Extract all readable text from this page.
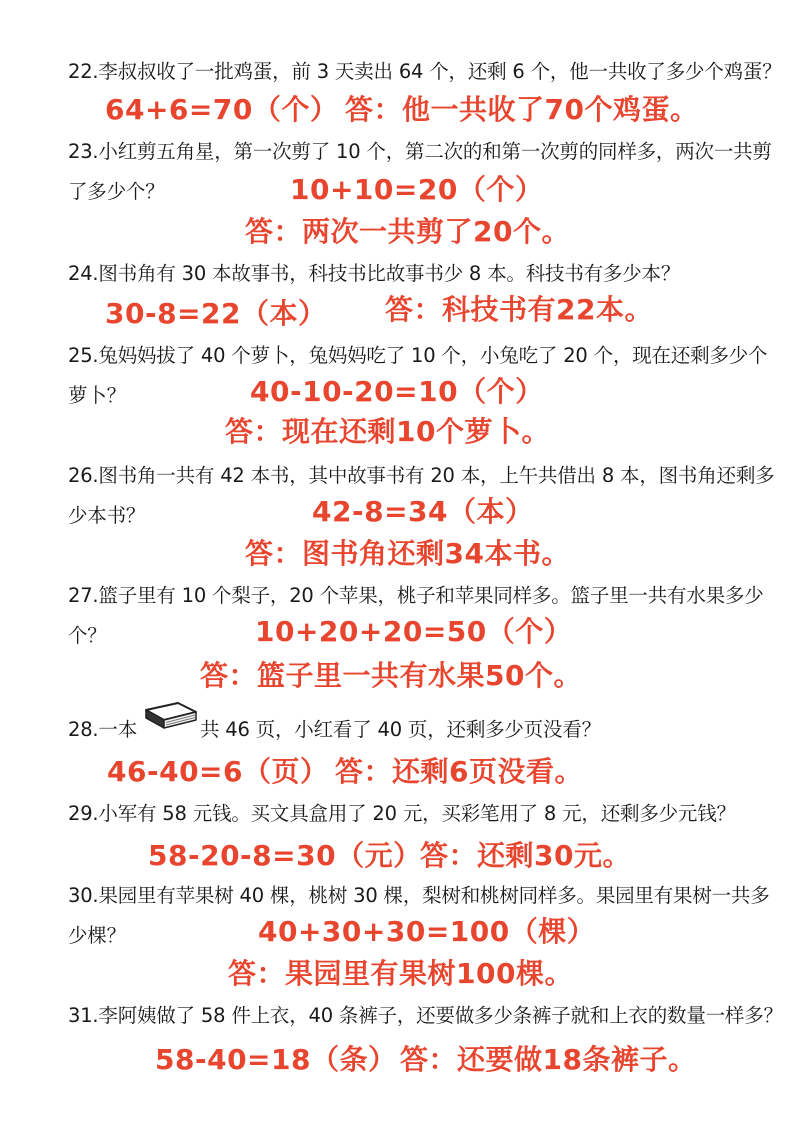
22.李叔叔收了一批鸡蛋，前 3 天卖出 64 个，还剩 6 个，他一共收了多少个鸡蛋？
64+6=70（个） 答：他一共收了70个鸡蛋。
23.小红剪五角星，第一次剪了 10 个，第二次的和第一次剪的同样多，两次一共剪
了多少个？	10+10=20（个）
答：两次一共剪了20个。
24.图书角有 30 本故事书，科技书比故事书少 8 本。科技书有多少本？
30-8=22（本） 答：科技书有22本。
25.兔妈妈拔了 40 个萝卜，兔妈妈吃了 10 个，小兔吃了 20 个，现在还剩多少个
萝卜？	40-10-20=10（个）
答：现在还剩10个萝卜。
26.图书角一共有 42 本书，其中故事书有 20 本，上午共借出 8 本，图书角还剩多
少本书？	42-8=34（本）
答：图书角还剩34本书。
27.篮子里有 10 个梨子，20 个苹果，桃子和苹果同样多。篮子里一共有水果多少
个？	10+20+20=50（个）
答：篮子里一共有水果50个。
28.一本	共 46 页，小红看了 40 页，还剩多少页没看？
46-40=6（页） 答：还剩6页没看。
29.小军有 58 元钱。买文具盒用了 20 元，买彩笔用了 8 元，还剩多少元钱？
58-20-8=30（元）
答：还剩30元。
30.果园里有苹果树 40 棵，桃树 30 棵，梨树和桃树同样多。果园里有果树一共多
少棵？	40+30+30=100（棵）
答：果园里有果树100棵。
31.李阿姨做了 58 件上衣，40 条裤子，还要做多少条裤子就和上衣的数量一样多？
58-40=18（条） 答：还要做18条裤子。
